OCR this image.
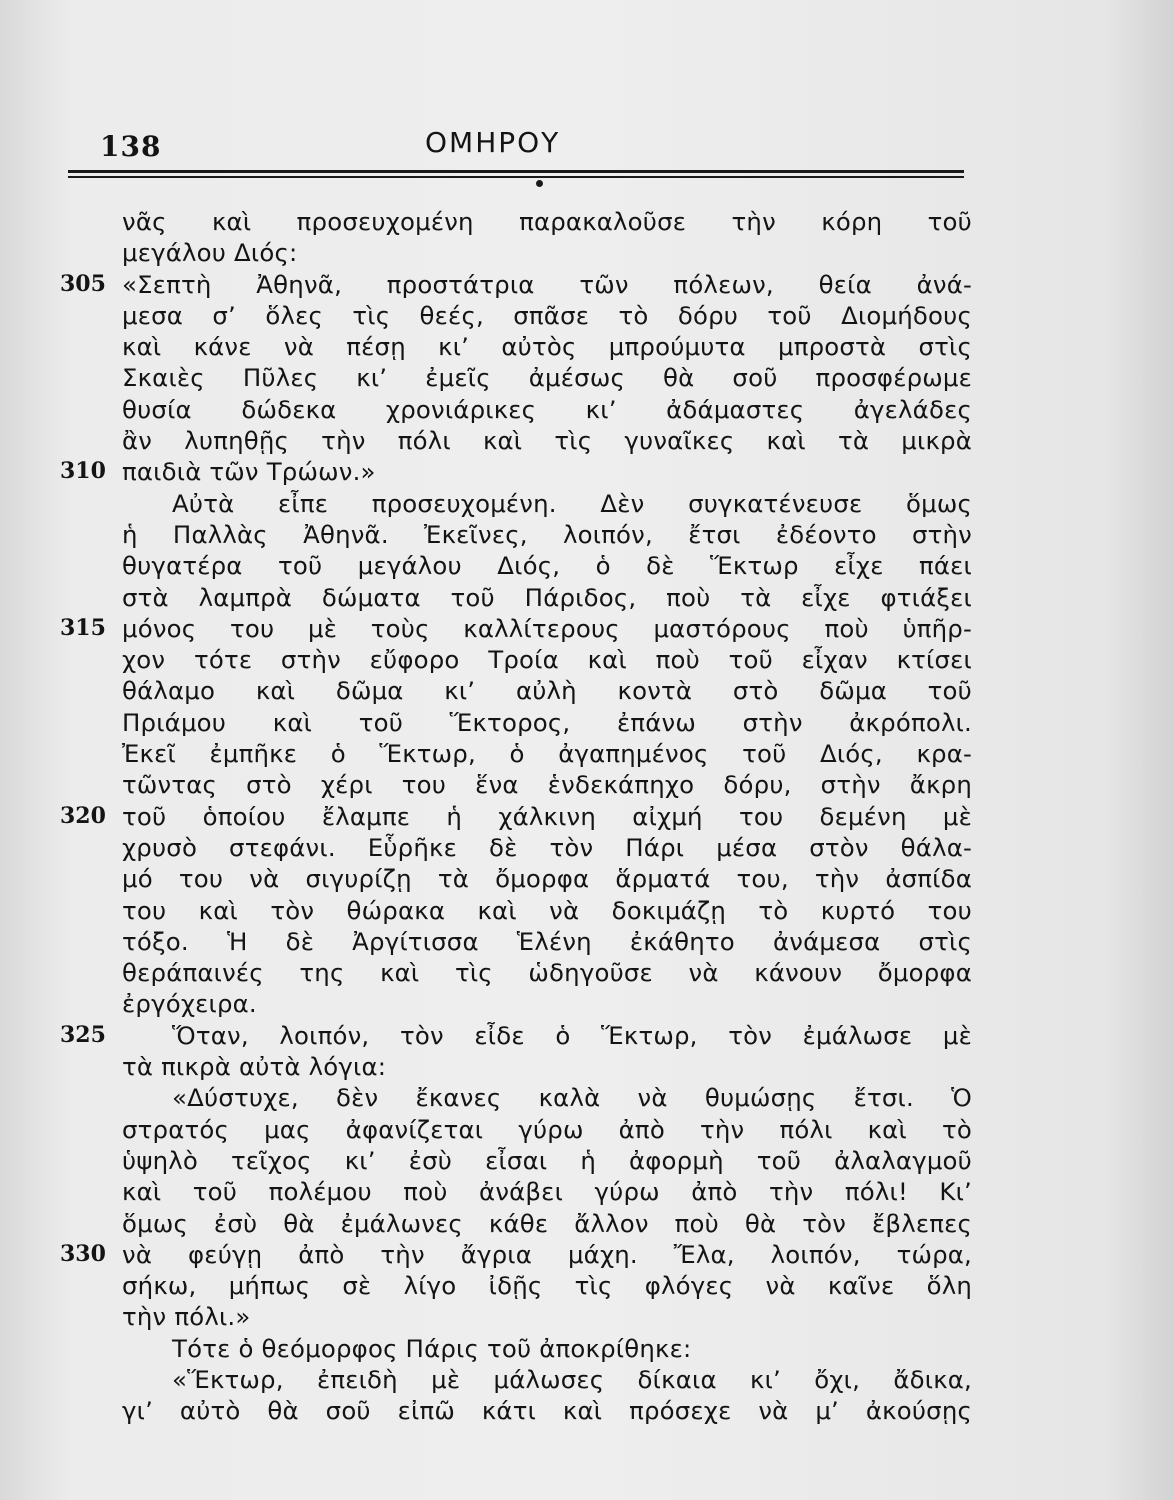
138	ΟΜΗΡΟΥ
νᾶς καὶ προσευχομένη παρακαλοῦσε τὴν κόρη τοῦ
μεγάλου Διός:
305 «Σεπτὴ Ἀθηνᾶ, προστάτρια τῶν πόλεων, θεία ἀνά-
μεσα σ’ ὅλες τὶς θεές, σπᾶσε τὸ δόρυ τοῦ Διομήδους
καὶ κάνε νὰ πέσῃ κι’ αὐτὸς μπρούμυτα μπροστὰ στὶς
Σκαιὲς Πῦλες κι’ ἐμεῖς ἀμέσως θὰ σοῦ προσφέρωμε
θυσία δώδεκα χρονιάρικες κι’ ἀδάμαστες ἀγελάδες
ἂν λυπηθῇς τὴν πόλι καὶ τὶς γυναῖκες καὶ τὰ μικρὰ
310 παιδιὰ τῶν Τρώων.»
Αὐτὰ εἶπε προσευχομένη. Δὲν συγκατένευσε ὅμως
ἡ Παλλὰς Ἀθηνᾶ. Ἐκεῖνες, λοιπόν, ἔτσι ἐδέοντο στὴν
θυγατέρα τοῦ μεγάλου Διός, ὁ δὲ Ἕκτωρ εἶχε πάει
στὰ λαμπρὰ δώματα τοῦ Πάριδος, ποὺ τὰ εἶχε φτιάξει
315 μόνος του μὲ τοὺς καλλίτερους μαστόρους ποὺ ὑπῆρ-
χον τότε στὴν εὔφορο Τροία καὶ ποὺ τοῦ εἶχαν κτίσει
θάλαμο καὶ δῶμα κι’ αὐλὴ κοντὰ στὸ δῶμα τοῦ
Πριάμου καὶ τοῦ Ἕκτορος, ἐπάνω στὴν ἀκρόπολι.
Ἐκεῖ ἐμπῆκε ὁ Ἕκτωρ, ὁ ἀγαπημένος τοῦ Διός, κρα-
τῶντας στὸ χέρι του ἕνα ἑνδεκάπηχο δόρυ, στὴν ἄκρη
320 τοῦ ὁποίου ἔλαμπε ἡ χάλκινη αἰχμή του δεμένη μὲ
χρυσὸ στεφάνι. Εὗρῆκε δὲ τὸν Πάρι μέσα στὸν θάλα-
μό του νὰ σιγυρίζῃ τὰ ὄμορφα ἅρματά του, τὴν ἀσπίδα
του καὶ τὸν θώρακα καὶ νὰ δοκιμάζῃ τὸ κυρτό του
τόξο. Ἡ δὲ Ἀργίτισσα Ἑλένη ἐκάθητο ἀνάμεσα στὶς
θεράπαινές της καὶ τὶς ὡδηγοῦσε νὰ κάνουν ὄμορφα
ἐργόχειρα.
325	Ὅταν, λοιπόν, τὸν εἶδε ὁ Ἕκτωρ, τὸν ἐμάλωσε μὲ
τὰ πικρὰ αὐτὰ λόγια:
«Δύστυχε, δὲν ἔκανες καλὰ νὰ θυμώσῃς ἔτσι. Ὁ
στρατός μας ἀφανίζεται γύρω ἀπὸ τὴν πόλι καὶ τὸ
ὑψηλὸ τεῖχος κι’ ἐσὺ εἶσαι ἡ ἀφορμὴ τοῦ ἀλαλαγμοῦ
καὶ τοῦ πολέμου ποὺ ἀνάβει γύρω ἀπὸ τὴν πόλι! Κι’
ὅμως ἐσὺ θὰ ἐμάλωνες κάθε ἄλλον ποὺ θὰ τὸν ἔβλεπες
330 νὰ φεύγῃ ἀπὸ τὴν ἄγρια μάχη. Ἔλα, λοιπόν, τώρα,
σήκω, μήπως σὲ λίγο ἰδῇς τὶς φλόγες νὰ καῖνε ὅλη
τὴν πόλι.»
Τότε ὁ θεόμορφος Πάρις τοῦ ἀποκρίθηκε:
«Ἕκτωρ, ἐπειδὴ μὲ μάλωσες δίκαια κι’ ὄχι, ἄδικα,
γι’ αὐτὸ θὰ σοῦ εἰπῶ κάτι καὶ πρόσεχε νὰ μ’ ἀκούσῃς
